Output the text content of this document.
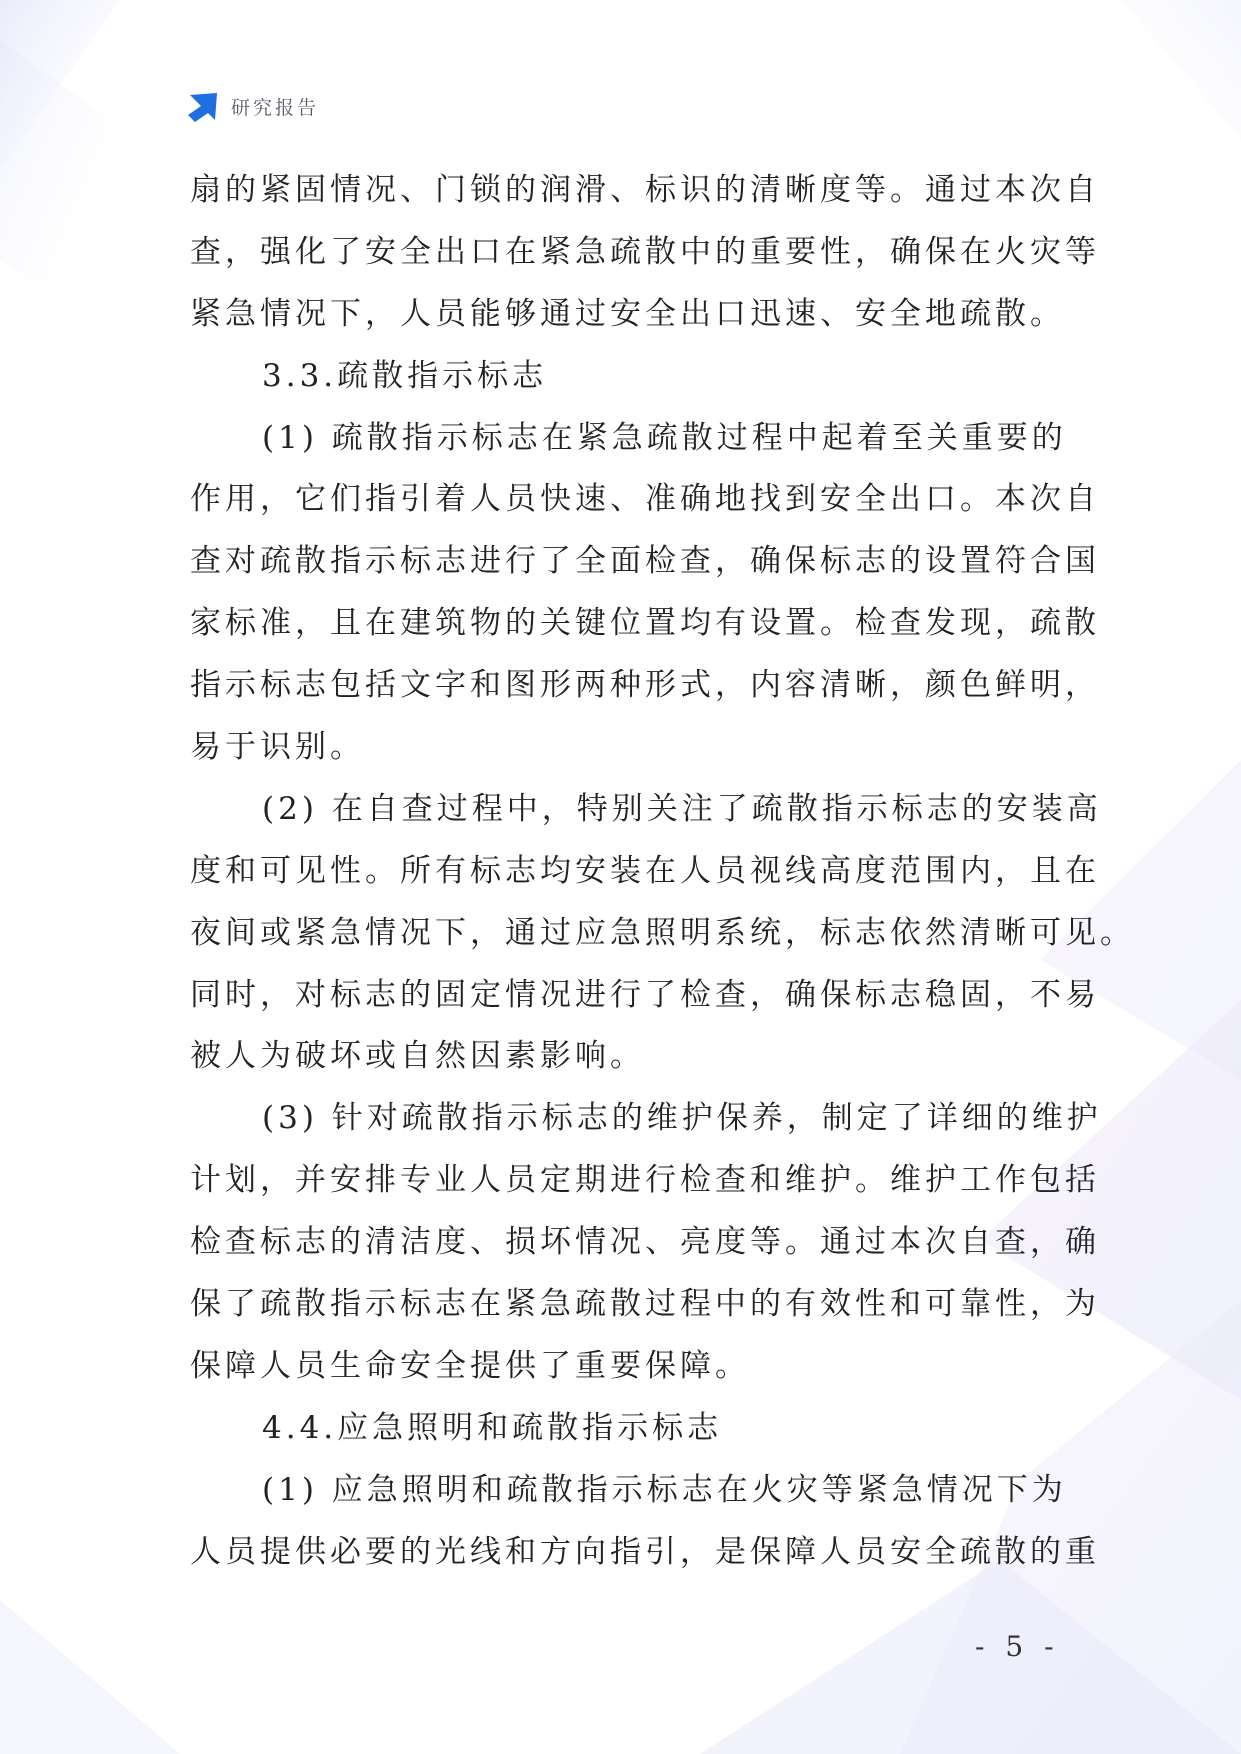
研究报告
扇的紧固情况、门锁的润滑、标识的清晰度等。通过本次自
查，强化了安全出口在紧急疏散中的重要性，确保在火灾等
紧急情况下，人员能够通过安全出口迅速、安全地疏散。
3.3.疏散指示标志
(1) 疏散指示标志在紧急疏散过程中起着至关重要的
作用，它们指引着人员快速、准确地找到安全出口。本次自
查对疏散指示标志进行了全面检查，确保标志的设置符合国
家标准，且在建筑物的关键位置均有设置。检查发现，疏散
指示标志包括文字和图形两种形式，内容清晰，颜色鲜明，
易于识别。
(2) 在自查过程中，特别关注了疏散指示标志的安装高
度和可见性。所有标志均安装在人员视线高度范围内，且在
夜间或紧急情况下，通过应急照明系统，标志依然清晰可见。
同时，对标志的固定情况进行了检查，确保标志稳固，不易
被人为破坏或自然因素影响。
(3) 针对疏散指示标志的维护保养，制定了详细的维护
计划，并安排专业人员定期进行检查和维护。维护工作包括
检查标志的清洁度、损坏情况、亮度等。通过本次自查，确
保了疏散指示标志在紧急疏散过程中的有效性和可靠性，为
保障人员生命安全提供了重要保障。
4.4.应急照明和疏散指示标志
(1) 应急照明和疏散指示标志在火灾等紧急情况下为
人员提供必要的光线和方向指引，是保障人员安全疏散的重
- 5 -
